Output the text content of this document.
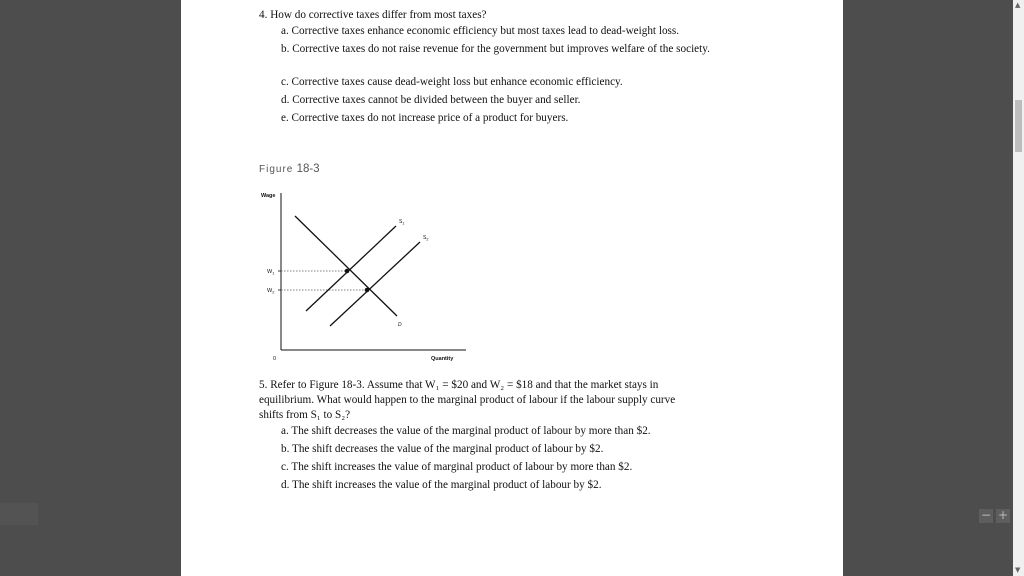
4. How do corrective taxes differ from most taxes?
a. Corrective taxes enhance economic efficiency but most taxes lead to dead-weight loss.
b. Corrective taxes do not raise revenue for the government but improves welfare of the society.
c. Corrective taxes cause dead-weight loss but enhance economic efficiency.
d. Corrective taxes cannot be divided between the buyer and seller.
e. Corrective taxes do not increase price of a product for buyers.
Figure 18-3
Wage
Quantity
0
$W_1$
$W_2$
$S_1$
$S_2$
D
5. Refer to Figure 18-3. Assume that W₁ = $20 and W₂ = $18 and that the market stays in
equilibrium. What would happen to the marginal product of labour if the labour supply curve
shifts from S₁ to S₂?
a. The shift decreases the value of the marginal product of labour by more than $2.
b. The shift decreases the value of the marginal product of labour by $2.
c. The shift increases the value of marginal product of labour by more than $2.
d. The shift increases the value of the marginal product of labour by $2.
− +
▲
▼
